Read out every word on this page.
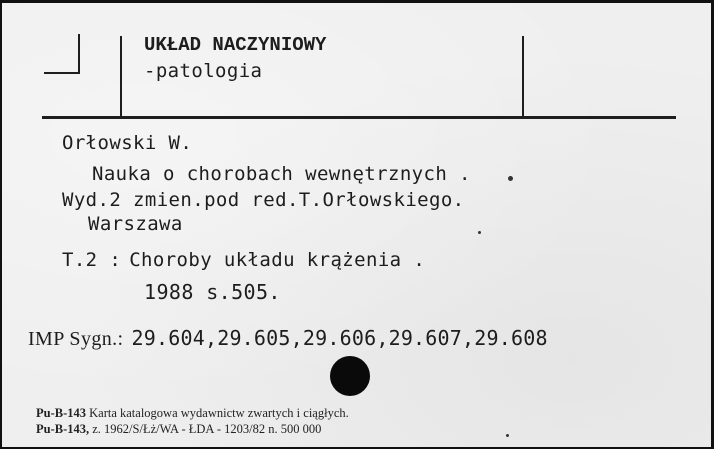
UKŁAD NACZYNIOWY
-patologia
Orłowski W.
Nauka o chorobach wewnętrznych .
Wyd.2 zmien.pod red.T.Orłowskiego.
Warszawa
T.2 : Choroby układu krążenia .
1988 s.505.
IMP Sygn.: 29.604,29.605,29.606,29.607,29.608
Pu-B-143 Karta katalogowa wydawnictw zwartych i ciągłych.
Pu-B-143, z. 1962/S/Łż/WA - ŁDA - 1203/82 n. 500 000
